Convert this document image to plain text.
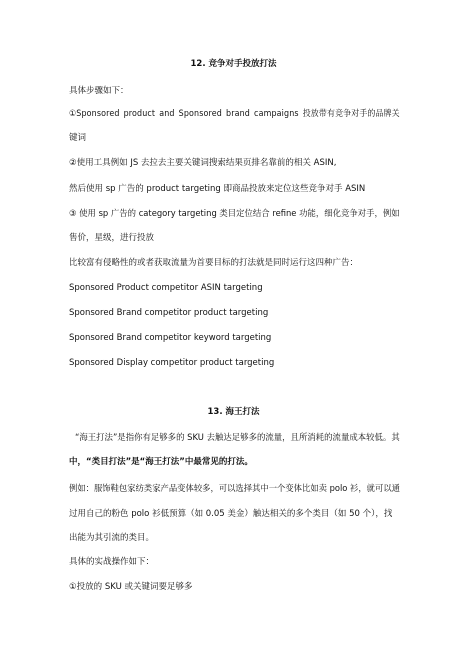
12. 竞争对手投放打法
具体步骤如下：
①Sponsored product and Sponsored brand campaigns 投放带有竞争对手的品牌关
键词
②使用工具例如 JS 去拉去主要关键词搜索结果页排名靠前的相关 ASIN,
然后使用 sp 广告的 product targeting 即商品投放来定位这些竞争对手 ASIN
③ 使用 sp 广告的 category targeting 类目定位结合 refine 功能，细化竞争对手，例如
售价，星级，进行投放
比较富有侵略性的或者获取流量为首要目标的打法就是同时运行这四种广告：
Sponsored Product competitor ASIN targeting
Sponsored Brand competitor product targeting
Sponsored Brand competitor keyword targeting
Sponsored Display competitor product targeting
13. 海王打法
“海王打法”是指你有足够多的 SKU 去触达足够多的流量，且所消耗的流量成本较低。其
中，“类目打法”是“海王打法”中最常见的打法。
例如：服饰鞋包家纺类家产品变体较多，可以选择其中一个变体比如卖 polo 衫，就可以通
过用自己的粉色 polo 衫低预算（如 0.05 美金）触达相关的多个类目（如 50 个），找
出能为其引流的类目。
具体的实战操作如下：
①投放的 SKU 或关键词要足够多
